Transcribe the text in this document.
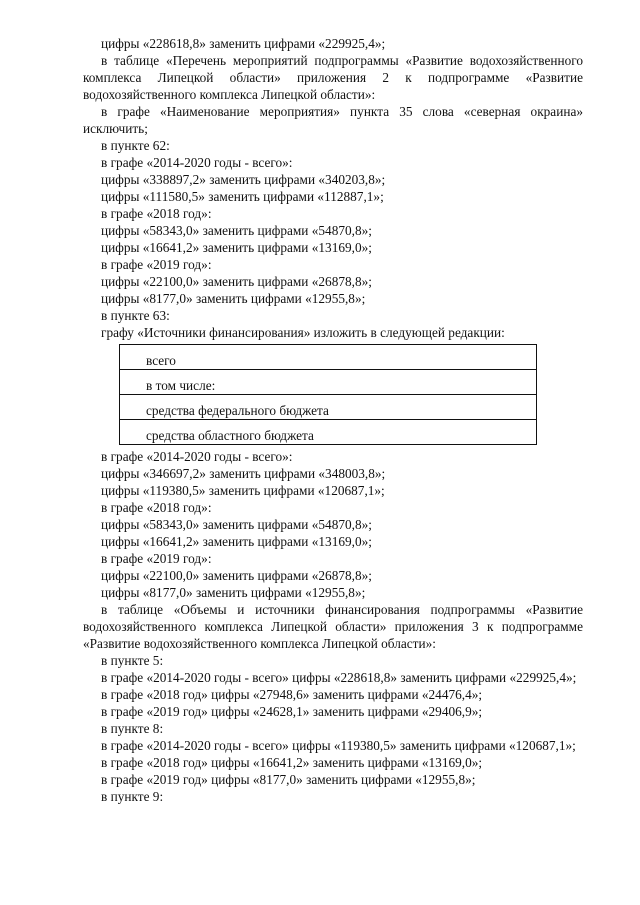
цифры «228618,8» заменить цифрами «229925,4»;

в таблице «Перечень мероприятий подпрограммы «Развитие водохозяйственного комплекса Липецкой области» приложения 2 к подпрограмме «Развитие водохозяйственного комплекса Липецкой области»:

в графе «Наименование мероприятия» пункта 35 слова «северная окраина» исключить;

в пункте 62:

в графе «2014-2020 годы - всего»:

цифры «338897,2» заменить цифрами «340203,8»;

цифры «111580,5» заменить цифрами «112887,1»;

в графе «2018 год»:

цифры «58343,0» заменить цифрами «54870,8»;

цифры «16641,2» заменить цифрами «13169,0»;

в графе «2019 год»:

цифры «22100,0» заменить цифрами «26878,8»;

цифры «8177,0» заменить цифрами «12955,8»;

в пункте 63:

графу «Источники финансирования» изложить в следующей редакции:

всего
в том числе:
средства федерального бюджета
средства областного бюджета

в графе «2014-2020 годы - всего»:

цифры «346697,2» заменить цифрами «348003,8»;

цифры «119380,5» заменить цифрами «120687,1»;

в графе «2018 год»:

цифры «58343,0» заменить цифрами «54870,8»;

цифры «16641,2» заменить цифрами «13169,0»;

в графе «2019 год»:

цифры «22100,0» заменить цифрами «26878,8»;

цифры «8177,0» заменить цифрами «12955,8»;

в таблице «Объемы и источники финансирования подпрограммы «Развитие водохозяйственного комплекса Липецкой области» приложения 3 к подпрограмме «Развитие водохозяйственного комплекса Липецкой области»:

в пункте 5:

в графе «2014-2020 годы - всего» цифры «228618,8» заменить цифрами «229925,4»;

в графе «2018 год» цифры «27948,6» заменить цифрами «24476,4»;

в графе «2019 год» цифры «24628,1» заменить цифрами «29406,9»;

в пункте 8:

в графе «2014-2020 годы - всего» цифры «119380,5» заменить цифрами «120687,1»;

в графе «2018 год» цифры «16641,2» заменить цифрами «13169,0»;

в графе «2019 год» цифры «8177,0» заменить цифрами «12955,8»;

в пункте 9:
